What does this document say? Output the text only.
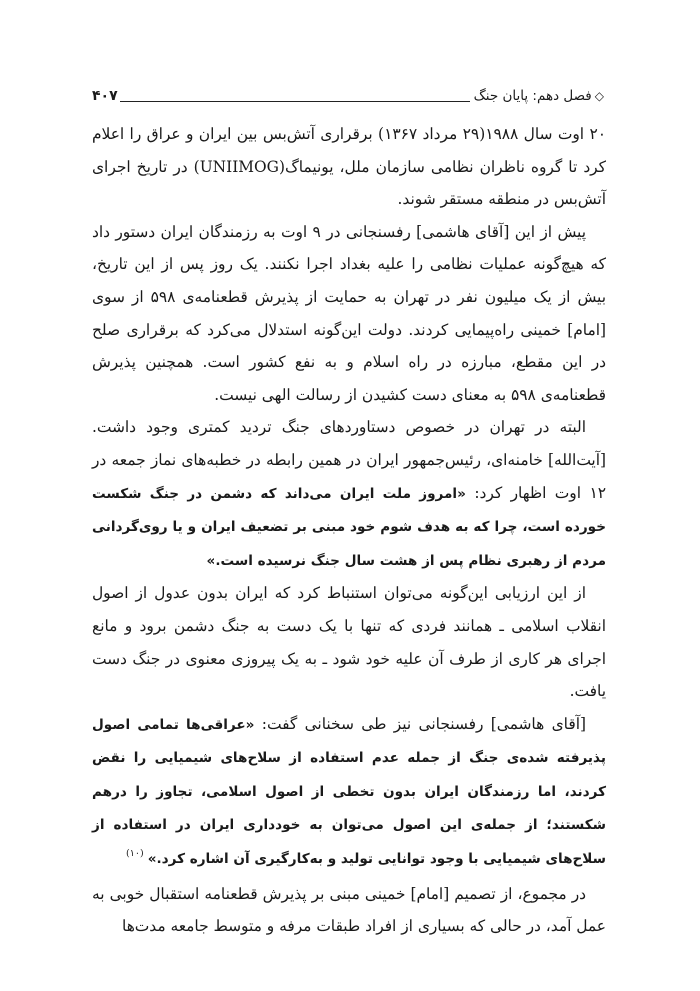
◇
فصل دهم: پایان جنگ
۴۰۷

۲۰ اوت سال ۱۹۸۸(۲۹ مرداد ۱۳۶۷) برقراری آتش‌بس بین ایران و عراق را اعلام کرد تا گروه ناظران نظامی سازمان ملل، یونیماگ(UNIIMOG) در تاریخ اجرای آتش‌بس در منطقه مستقر شوند.

پیش از این [آقای هاشمی] رفسنجانی در ۹ اوت به رزمندگان ایران دستور داد که هیچ‌گونه عملیات نظامی را علیه بغداد اجرا نکنند. یک روز پس از این تاریخ، بیش از یک میلیون نفر در تهران به حمایت از پذیرش قطعنامه‌ی ۵۹۸ از سوی [امام] خمینی راه‌پیمایی کردند. دولت این‌گونه استدلال می‌کرد که برقراری صلح در این مقطع، مبارزه در راه اسلام و به نفع کشور است. همچنین پذیرش قطعنامه‌ی ۵۹۸ به معنای دست کشیدن از رسالت الهی نیست.

البته در تهران در خصوص دستاوردهای جنگ تردید کمتری وجود داشت. [آیت‌الله] خامنه‌ای، رئیس‌جمهور ایران در همین رابطه در خطبه‌های نماز جمعه در ۱۲ اوت اظهار کرد: «امروز ملت ایران می‌داند که دشمن در جنگ شکست خورده است، چرا که به هدف شوم خود مبنی بر تضعیف ایران و یا روی‌گردانی مردم از رهبری نظام پس از هشت سال جنگ نرسیده است.»

از این ارزیابی این‌گونه می‌توان استنباط کرد که ایران بدون عدول از اصول انقلاب اسلامی ـ همانند فردی که تنها با یک دست به جنگ دشمن برود و مانع اجرای هر کاری از طرف آن علیه خود شود ـ به یک پیروزی معنوی در جنگ دست یافت.

[آقای هاشمی] رفسنجانی نیز طی سخنانی گفت: «عراقی‌ها تمامی اصول پذیرفته شده‌ی جنگ از جمله عدم استفاده از سلاح‌های شیمیایی را نقض کردند، اما رزمندگان ایران بدون تخطی از اصول اسلامی، تجاوز را درهم شکستند؛ از جمله‌ی این اصول می‌توان به خودداری ایران در استفاده از سلاح‌های شیمیایی با وجود توانایی تولید و به‌کارگیری آن اشاره کرد.»$^{(۱۰)}$

در مجموع، از تصمیم [امام] خمینی مبنی بر پذیرش قطعنامه استقبال خوبی به عمل آمد، در حالی که بسیاری از افراد طبقات مرفه و متوسط جامعه مدت‌ها
